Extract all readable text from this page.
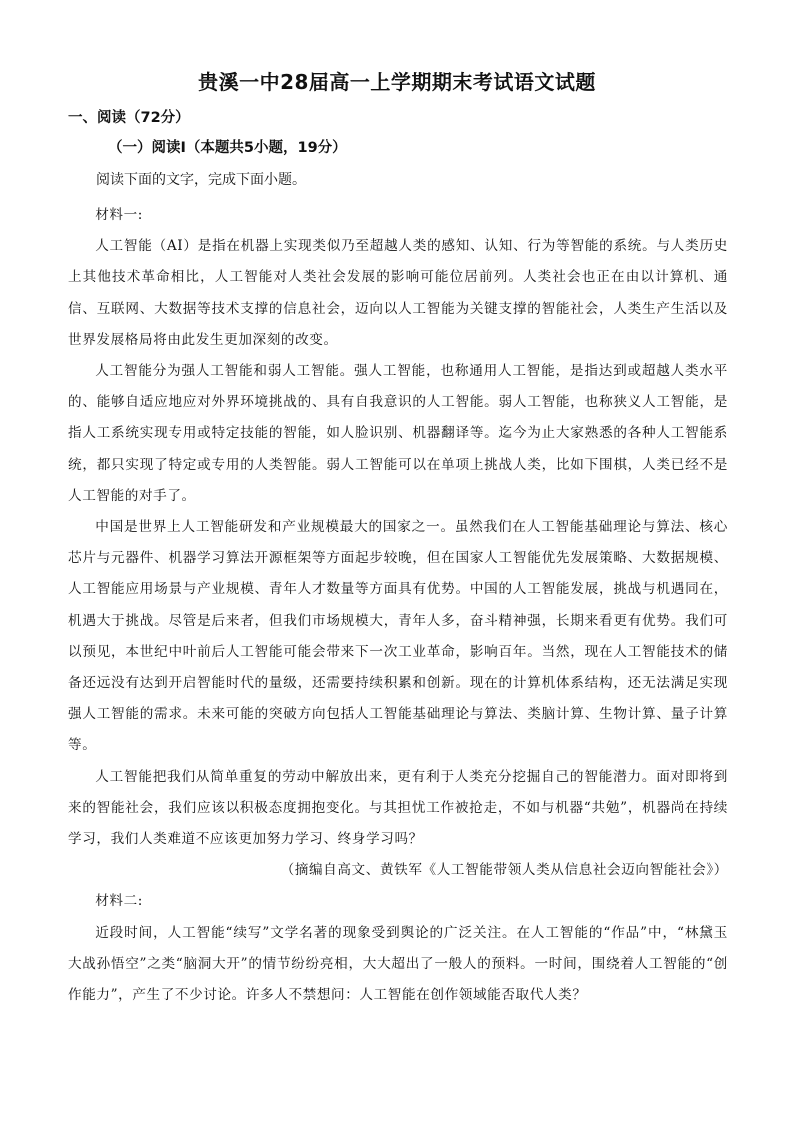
贵溪一中28届高一上学期期末考试语文试题
一、阅读（72分）
（一）阅读Ⅰ（本题共5小题，19分）
阅读下面的文字，完成下面小题。

材料一:

人工智能（AI）是指在机器上实现类似乃至超越人类的感知、认知、行为等智能的系统。与人类历史上其他技术革命相比，人工智能对人类社会发展的影响可能位居前列。人类社会也正在由以计算机、通信、互联网、大数据等技术支撑的信息社会，迈向以人工智能为关键支撑的智能社会，人类生产生活以及世界发展格局将由此发生更加深刻的改变。

人工智能分为强人工智能和弱人工智能。强人工智能，也称通用人工智能，是指达到或超越人类水平的、能够自适应地应对外界环境挑战的、具有自我意识的人工智能。弱人工智能，也称狭义人工智能，是指人工系统实现专用或特定技能的智能，如人脸识别、机器翻译等。迄今为止大家熟悉的各种人工智能系统，都只实现了特定或专用的人类智能。弱人工智能可以在单项上挑战人类，比如下围棋，人类已经不是人工智能的对手了。

中国是世界上人工智能研发和产业规模最大的国家之一。虽然我们在人工智能基础理论与算法、核心芯片与元器件、机器学习算法开源框架等方面起步较晚，但在国家人工智能优先发展策略、大数据规模、人工智能应用场景与产业规模、青年人才数量等方面具有优势。中国的人工智能发展，挑战与机遇同在，机遇大于挑战。尽管是后来者，但我们市场规模大，青年人多，奋斗精神强，长期来看更有优势。我们可以预见，本世纪中叶前后人工智能可能会带来下一次工业革命，影响百年。当然，现在人工智能技术的储备还远没有达到开启智能时代的量级，还需要持续积累和创新。现在的计算机体系结构，还无法满足实现强人工智能的需求。未来可能的突破方向包括人工智能基础理论与算法、类脑计算、生物计算、量子计算等。

人工智能把我们从简单重复的劳动中解放出来，更有利于人类充分挖掘自己的智能潜力。面对即将到来的智能社会，我们应该以积极态度拥抱变化。与其担忧工作被抢走，不如与机器“共勉”，机器尚在持续学习，我们人类难道不应该更加努力学习、终身学习吗？

（摘编自高文、黄铁军《人工智能带领人类从信息社会迈向智能社会》）

材料二:

近段时间，人工智能“续写”文学名著的现象受到舆论的广泛关注。在人工智能的“作品”中，“林黛玉大战孙悟空”之类“脑洞大开”的情节纷纷亮相，大大超出了一般人的预料。一时间，围绕着人工智能的“创作能力”，产生了不少讨论。许多人不禁想问：人工智能在创作领域能否取代人类？
